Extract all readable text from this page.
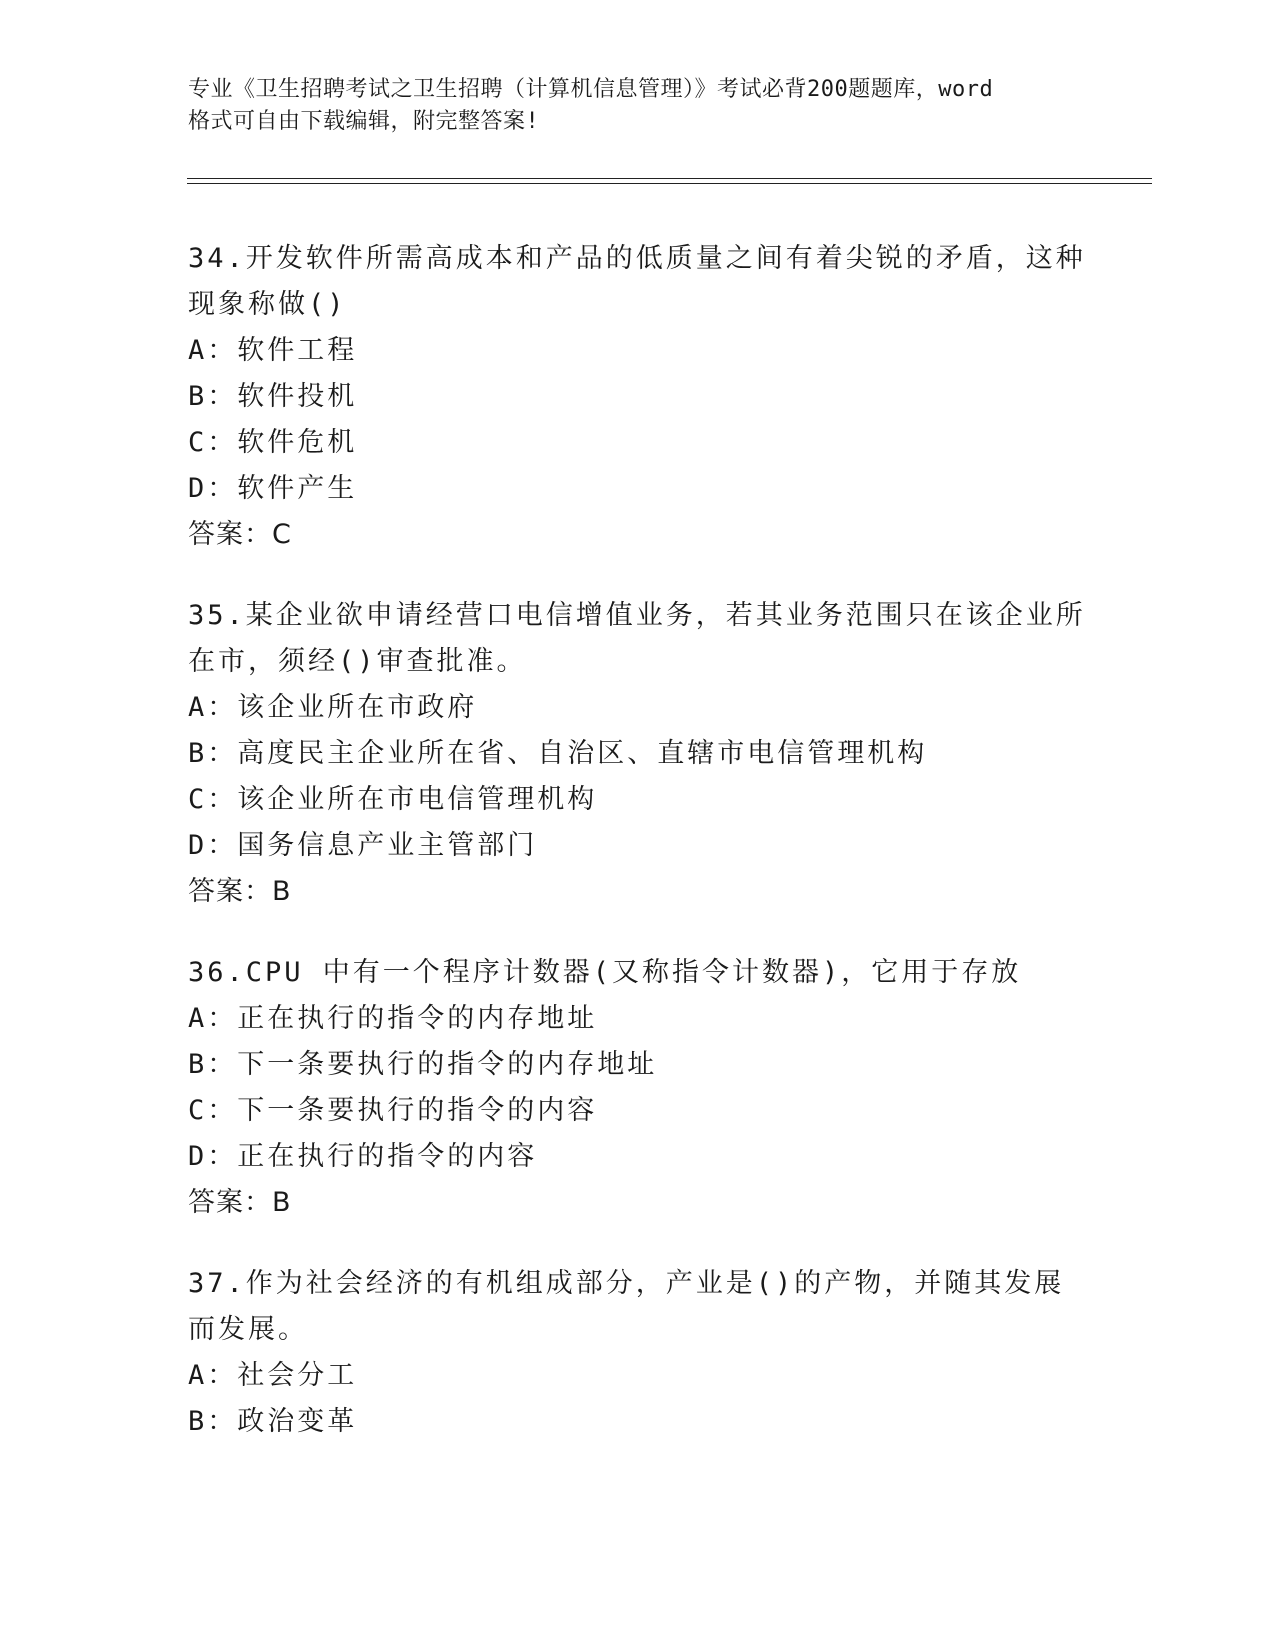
专业《卫生招聘考试之卫生招聘（计算机信息管理）》考试必背200题题库，word
格式可自由下载编辑，附完整答案!
34.开发软件所需高成本和产品的低质量之间有着尖锐的矛盾，这种现象称做()
A：软件工程
B：软件投机
C：软件危机
D：软件产生
答案：C
35.某企业欲申请经营口电信增值业务，若其业务范围只在该企业所在市，须经()审查批准。
A：该企业所在市政府
B：高度民主企业所在省、自治区、直辖市电信管理机构
C：该企业所在市电信管理机构
D：国务信息产业主管部门
答案：B
36.CPU 中有一个程序计数器(又称指令计数器)，它用于存放
A：正在执行的指令的内存地址
B：下一条要执行的指令的内存地址
C：下一条要执行的指令的内容
D：正在执行的指令的内容
答案：B
37.作为社会经济的有机组成部分，产业是()的产物，并随其发展而发展。
A：社会分工
B：政治变革
